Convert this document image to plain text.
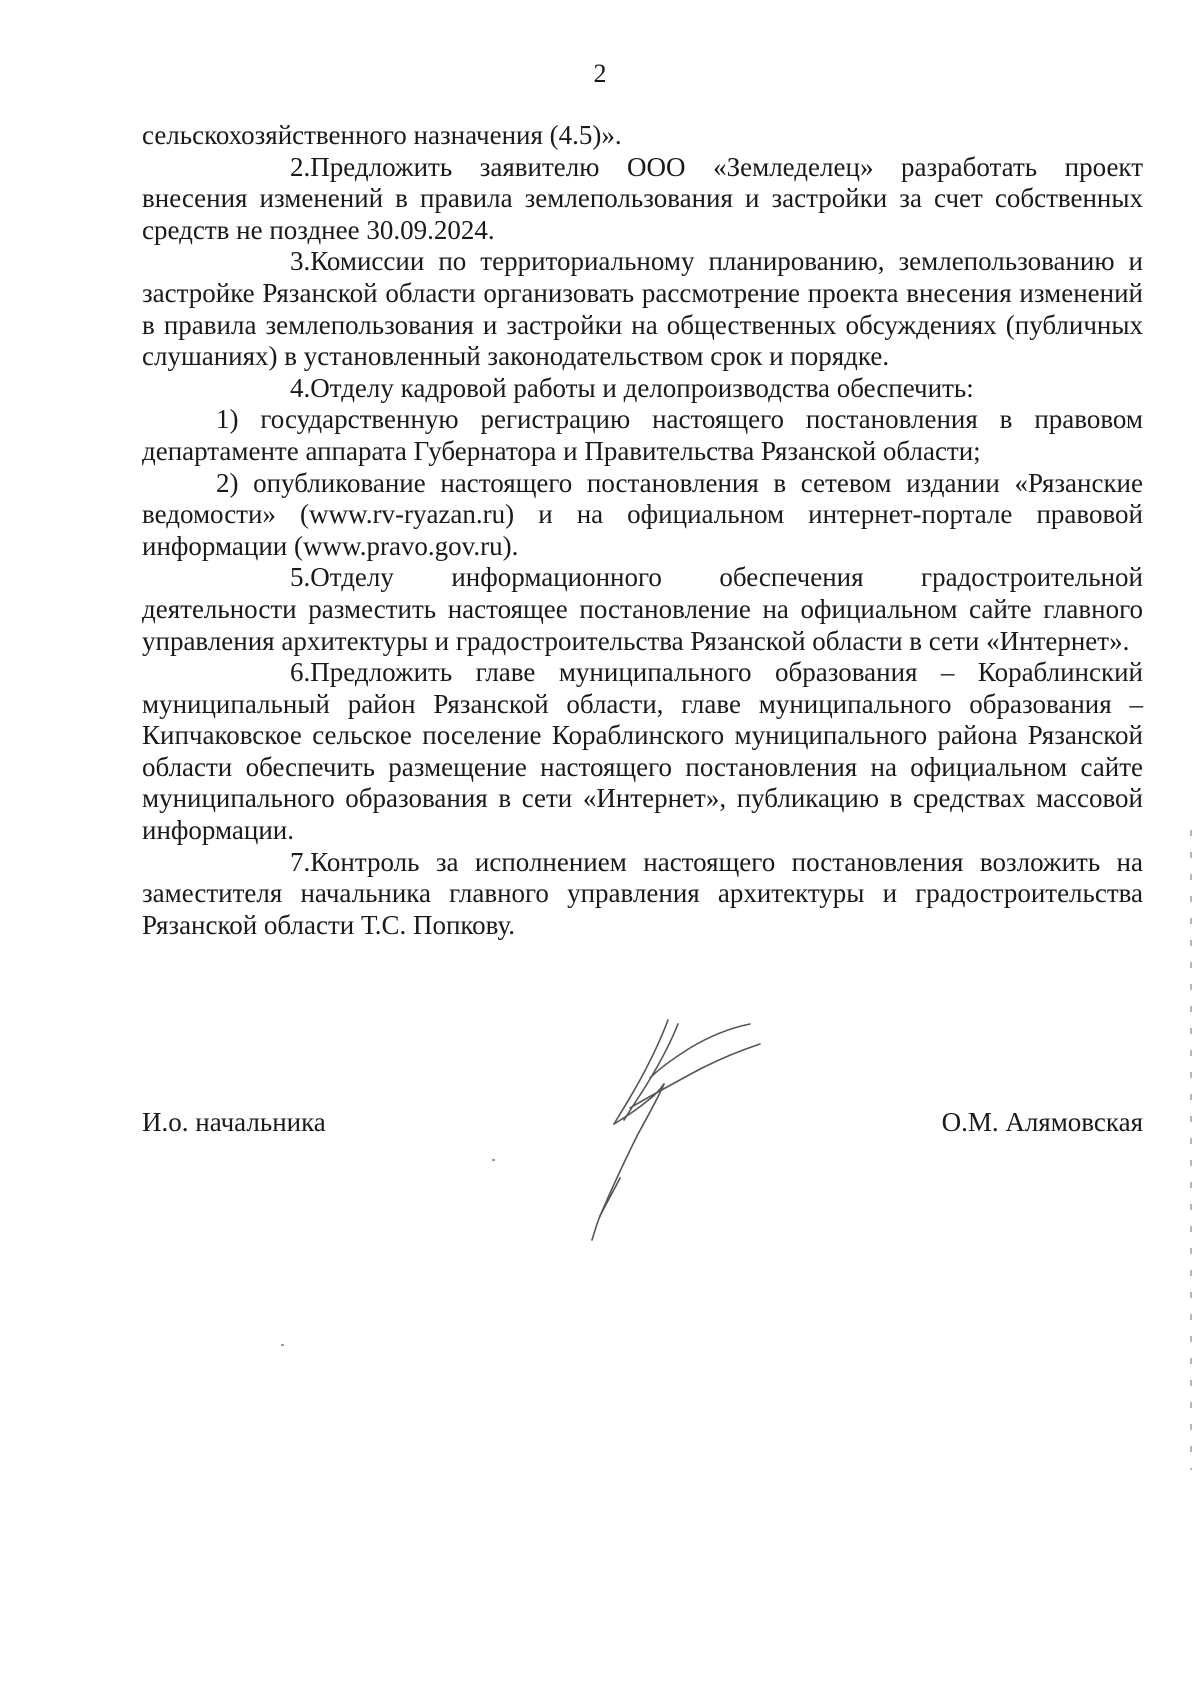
2

сельскохозяйственного назначения (4.5)».

2.Предложить заявителю ООО «Земледелец» разработать проект внесения изменений в правила землепользования и застройки за счет собственных средств не позднее 30.09.2024.

3.Комиссии по территориальному планированию, землепользованию и застройке Рязанской области организовать рассмотрение проекта внесения изменений в правила землепользования и застройки на общественных обсуждениях (публичных слушаниях) в установленный законодательством срок и порядке.

4.Отделу кадровой работы и делопроизводства обеспечить:

1) государственную регистрацию настоящего постановления в правовом департаменте аппарата Губернатора и Правительства Рязанской области;

2) опубликование настоящего постановления в сетевом издании «Рязанские ведомости» (www.rv-ryazan.ru) и на официальном интернет-портале правовой информации (www.pravo.gov.ru).

5.Отделу информационного обеспечения градостроительной деятельности разместить настоящее постановление на официальном сайте главного управления архитектуры и градостроительства Рязанской области в сети «Интернет».

6.Предложить главе муниципального образования – Кораблинский муниципальный район Рязанской области, главе муниципального образования – Кипчаковское сельское поселение Кораблинского муниципального района Рязанской области обеспечить размещение настоящего постановления на официальном сайте муниципального образования в сети «Интернет», публикацию в средствах массовой информации.

7.Контроль за исполнением настоящего постановления возложить на заместителя начальника главного управления архитектуры и градостроительства Рязанской области Т.С. Попкову.

И.о. начальника	О.М. Алямовская
